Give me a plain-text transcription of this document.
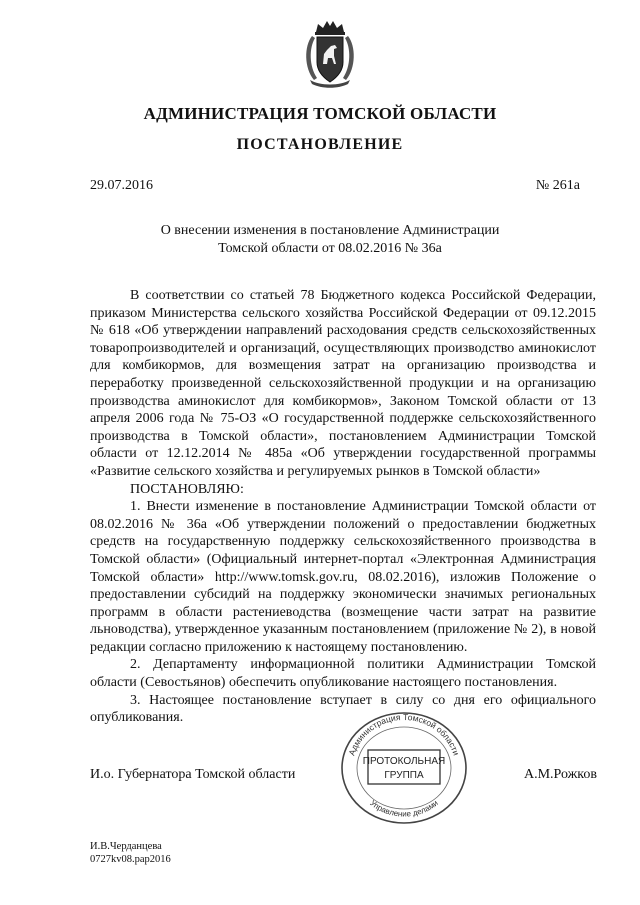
АДМИНИСТРАЦИЯ ТОМСКОЙ ОБЛАСТИ
ПОСТАНОВЛЕНИЕ
29.07.2016	№ 261а
О внесении изменения в постановление Администрации
Томской области от 08.02.2016 № 36а

В соответствии со статьей 78 Бюджетного кодекса Российской Федерации, приказом Министерства сельского хозяйства Российской Федерации от 09.12.2015 № 618 «Об утверждении направлений расходования средств сельскохозяйственных товаропроизводителей и организаций, осуществляющих производство аминокислот для комбикормов, для возмещения затрат на организацию производства и переработку произведенной сельскохозяйственной продукции и на организацию производства аминокислот для комбикормов», Законом Томской области от 13 апреля 2006 года № 75-ОЗ «О государственной поддержке сельскохозяйственного производства в Томской области», постановлением Администрации Томской области от 12.12.2014 № 485а «Об утверждении государственной программы «Развитие сельского хозяйства и регулируемых рынков в Томской области»

ПОСТАНОВЛЯЮ:

1. Внести изменение в постановление Администрации Томской области от 08.02.2016 № 36а «Об утверждении положений о предоставлении бюджетных средств на государственную поддержку сельскохозяйственного производства в Томской области» (Официальный интернет-портал «Электронная Администрация Томской области» http://www.tomsk.gov.ru, 08.02.2016), изложив Положение о предоставлении субсидий на поддержку экономически значимых региональных программ в области растениеводства (возмещение части затрат на развитие льноводства), утвержденное указанным постановлением (приложение № 2), в новой редакции согласно приложению к настоящему постановлению.

2. Департаменту информационной политики Администрации Томской области (Севостьянов) обеспечить опубликование настоящего постановления.

3. Настоящее постановление вступает в силу со дня его официального опубликования.

И.о. Губернатора Томской области	А.М.Рожков
Администрация Томской области
Управление делами
ПРОТОКОЛЬНАЯ
ГРУППА
И.В.Черданцева
0727kv08.pap2016
